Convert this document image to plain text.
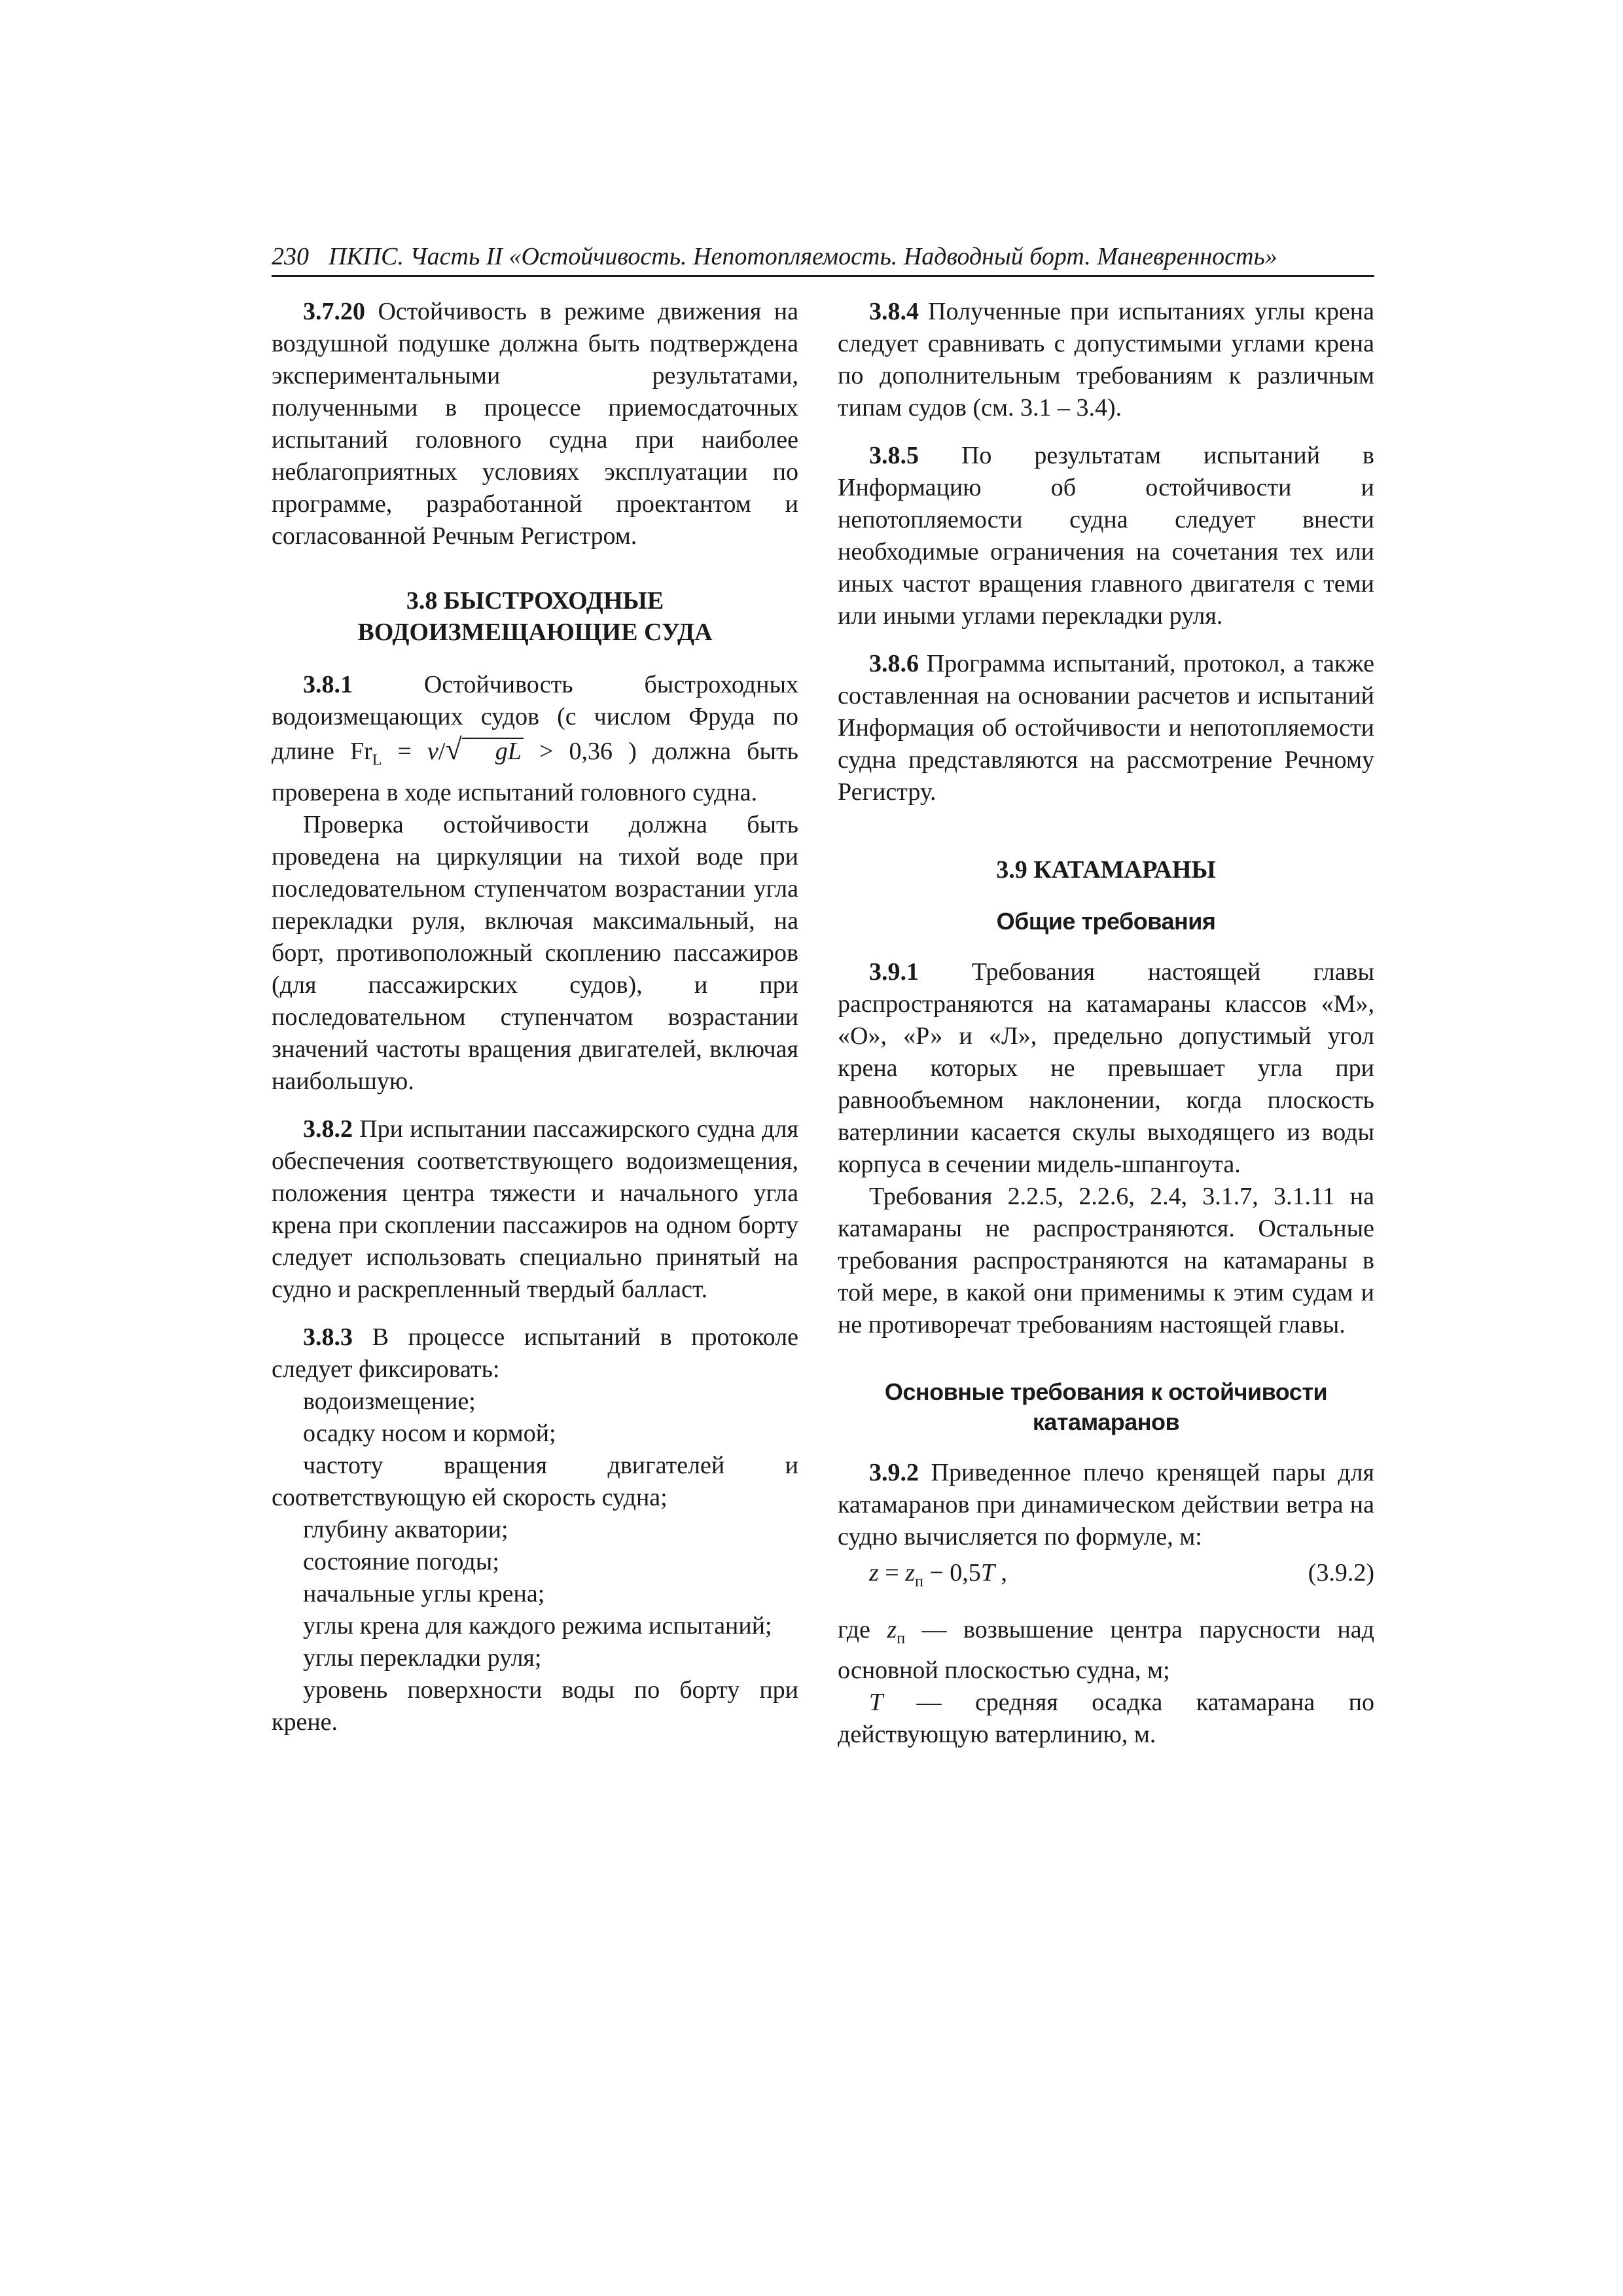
230 ПКПС. Часть II «Остойчивость. Непотопляемость. Надводный борт. Маневренность»

3.7.20 Остойчивость в режиме движения на воздушной подушке должна быть подтверждена экспериментальными результатами, полученными в процессе приемосдаточных испытаний головного судна при наиболее неблагоприятных условиях эксплуатации по программе, разработанной проектантом и согласованной Речным Регистром.

3.8 БЫСТРОХОДНЫЕ
ВОДОИЗМЕЩАЮЩИЕ СУДА

3.8.1 Остойчивость быстроходных водоизмещающих судов (с числом Фруда по длине $Fr_L = v/√$ gL > 0,36 ) должна быть проверена в ходе испытаний головного судна.

Проверка остойчивости должна быть проведена на циркуляции на тихой воде при последовательном ступенчатом возрастании угла перекладки руля, включая максимальный, на борт, противоположный скоплению пассажиров (для пассажирских судов), и при последовательном ступенчатом возрастании значений частоты вращения двигателей, включая наибольшую.

3.8.2 При испытании пассажирского судна для обеспечения соответствующего водоизмещения, положения центра тяжести и начального угла крена при скоплении пассажиров на одном борту следует использовать специально принятый на судно и раскрепленный твердый балласт.

3.8.3 В процессе испытаний в протоколе следует фиксировать:

водоизмещение;
осадку носом и кормой;
частоту вращения двигателей и соответствующую ей скорость судна;
глубину акватории;
состояние погоды;
начальные углы крена;
углы крена для каждого режима испытаний;
углы перекладки руля;
уровень поверхности воды по борту при крене.

3.8.4 Полученные при испытаниях углы крена следует сравнивать с допустимыми углами крена по дополнительным требованиям к различным типам судов (см. 3.1 – 3.4).

3.8.5 По результатам испытаний в Информацию об остойчивости и непотопляемости судна следует внести необходимые ограничения на сочетания тех или иных частот вращения главного двигателя с теми или иными углами перекладки руля.

3.8.6 Программа испытаний, протокол, а также составленная на основании расчетов и испытаний Информация об остойчивости и непотопляемости судна представляются на рассмотрение Речному Регистру.

3.9 КАТАМАРАНЫ
Общие требования

3.9.1 Требования настоящей главы распространяются на катамараны классов «М», «О», «Р» и «Л», предельно допустимый угол крена которых не превышает угла при равнообъемном наклонении, когда плоскость ватерлинии касается скулы выходящего из воды корпуса в сечении мидель-шпангоута.

Требования 2.2.5, 2.2.6, 2.4, 3.1.7, 3.1.11 на катамараны не распространяются. Остальные требования распространяются на катамараны в той мере, в какой они применимы к этим судам и не противоречат требованиям настоящей главы.

Основные требования к остойчивости
катамаранов

3.9.2 Приведенное плечо кренящей пары для катамаранов при динамическом действии ветра на судно вычисляется по формуле, м:

$z = z_п - 0,5T$ ,	(3.9.2)

где $z_п$ — возвышение центра парусности над основной плоскостью судна, м;

T — средняя осадка катамарана по действующую ватерлинию, м.
